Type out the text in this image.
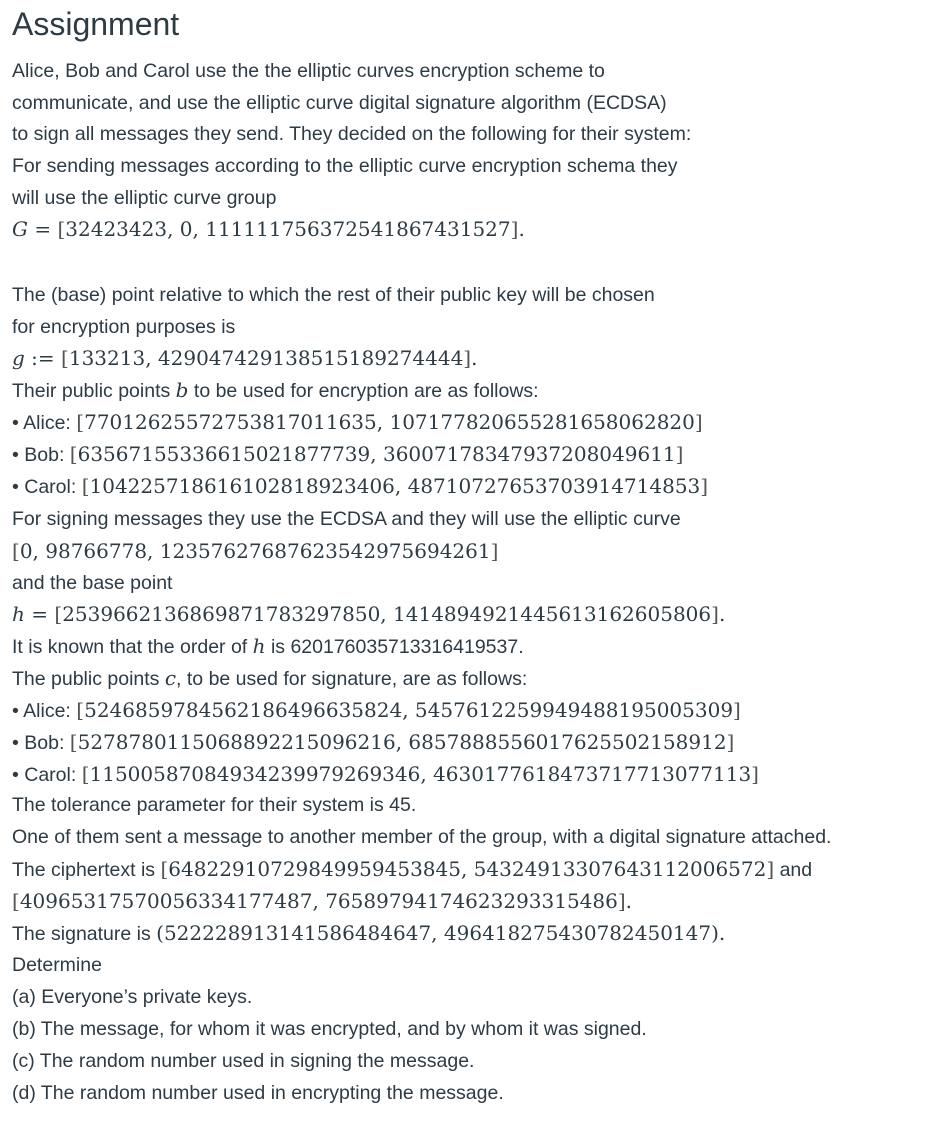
Assignment
Alice, Bob and Carol use the the elliptic curves encryption scheme to
communicate, and use the elliptic curve digital signature algorithm (ECDSA)
to sign all messages they send. They decided on the following for their system:
For sending messages according to the elliptic curve encryption schema they
will use the elliptic curve group
G = [32423423, 0, 111111756372541867431527].
The (base) point relative to which the rest of their public key will be chosen
for encryption purposes is
g := [133213, 429047429138515189274444].
Their public points b to be used for encryption are as follows:
• Alice: [77012625572753817011635, 107177820655281658062820]
• Bob: [63567155336615021877739, 36007178347937208049611]
• Carol: [104225718616102818923406, 48710727653703914714853]
For signing messages they use the ECDSA and they will use the elliptic curve
[0, 98766778, 123576276876235429756942​61]
and the base point
h = [25396621368698717832978​50, 141489492144561316260​5806].
It is known that the order of h is 620176035713316419537.
The public points c, to be used for signature, are as follows:
• Alice: [52468597845621864966358​24, 54576122599494881950053​09]
• Bob: [52787801150688922150962​16, 68578885560176255021589​12]
• Carol: [11500587084934239979269​346, 46301776184737177130771​13]
The tolerance parameter for their system is 45.
One of them sent a message to another member of the group, with a digital signature attached.
The ciphertext is [648229107298499594538​45, 543249133076431120065​72] and
[409653175700563341774​87, 765897941746232933154​86].
The signature is (522228913141586484647, 496418275430782450147).
Determine
(a) Everyone’s private keys.
(b) The message, for whom it was encrypted, and by whom it was signed.
(c) The random number used in signing the message.
(d) The random number used in encrypting the message.
